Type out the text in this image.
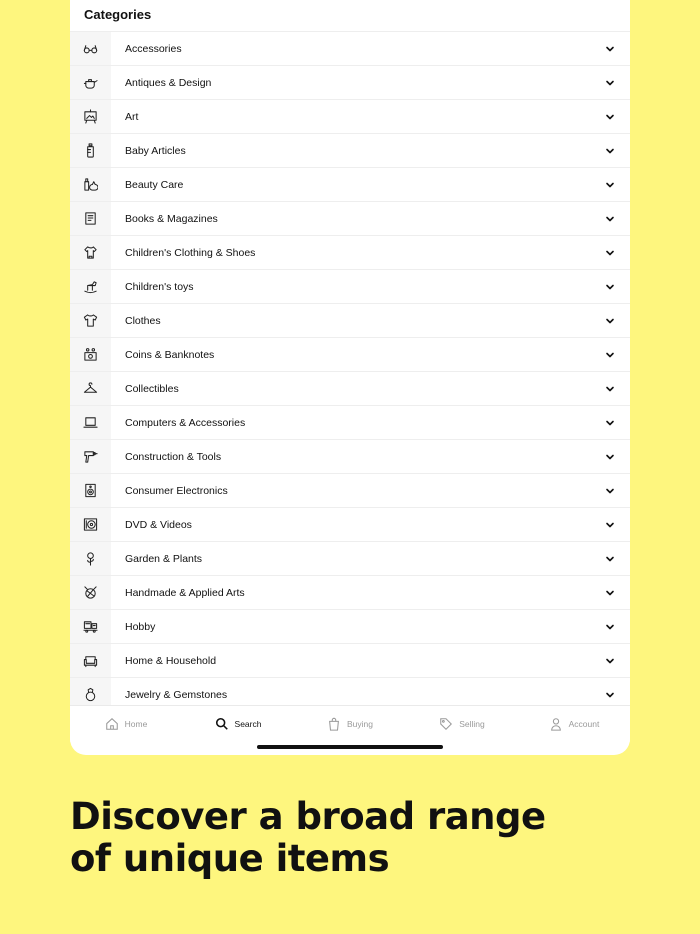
Categories
Accessories
Antiques & Design
Art
Baby Articles
Beauty Care
Books & Magazines
Children's Clothing & Shoes
Children's toys
Clothes
Coins & Banknotes
Collectibles
Computers & Accessories
Construction & Tools
Consumer Electronics
DVD & Videos
Garden & Plants
Handmade & Applied Arts
Hobby
Home & Household
Jewelry & Gemstones
Home	Search	Buying	Selling	Account
Discover a broad range
of unique items
